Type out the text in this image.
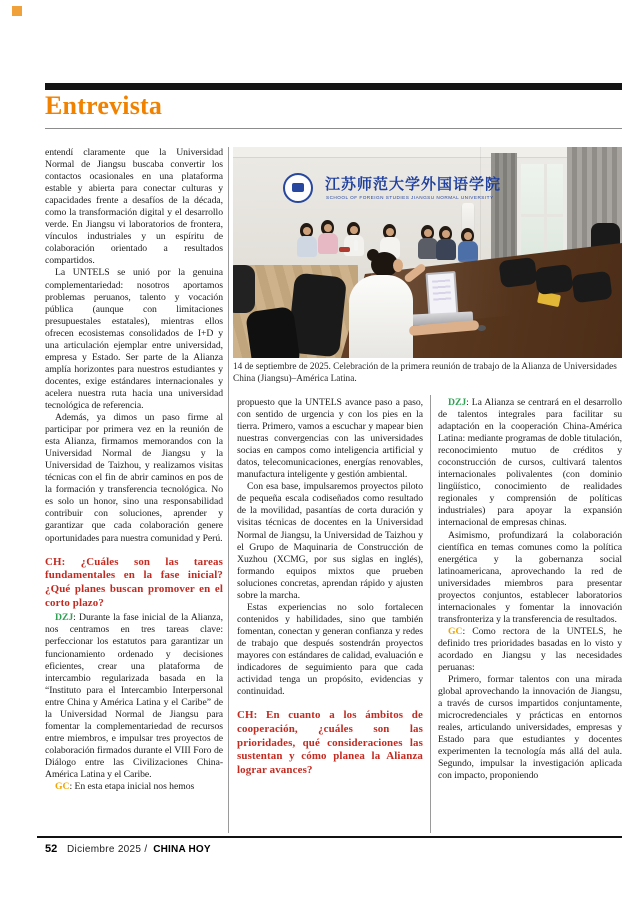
Entrevista

entendí claramente que la Universidad Normal de Jiangsu buscaba convertir los contactos ocasionales en una plataforma estable y abierta para conectar culturas y capacidades frente a desafíos de la década, como la transformación digital y el desarrollo verde. En Jiangsu vi laboratorios de frontera, vínculos industriales y un espíritu de colaboración orientado a resultados compartidos.

La UNTELS se unió por la genuina complementariedad: nosotros aportamos problemas peruanos, talento y vocación pública (aunque con limitaciones presupuestales estatales), mientras ellos ofrecen ecosistemas consolidados de I+D y una articulación ejemplar entre universidad, empresa y Estado. Ser parte de la Alianza amplía horizontes para nuestros estudiantes y docentes, exige estándares internacionales y acelera nuestra ruta hacia una universidad tecnológica de referencia.

Además, ya dimos un paso firme al participar por primera vez en la reunión de esta Alianza, firmamos memorandos con la Universidad Normal de Jiangsu y la Universidad de Taizhou, y realizamos visitas técnicas con el fin de abrir caminos en pos de la formación y transferencia tecnológica. No es solo un honor, sino una responsabilidad contribuir con soluciones, aprender y garantizar que cada colaboración genere oportunidades para nuestra comunidad y Perú.

CH: ¿Cuáles son las tareas fundamentales en la fase inicial? ¿Qué planes buscan promover en el corto plazo?

DZJ: Durante la fase inicial de la Alianza, nos centramos en tres tareas clave: perfeccionar los estatutos para garantizar un funcionamiento ordenado y decisiones eficientes, crear una plataforma de intercambio regularizada basada en la “Instituto para el Intercambio Interpersonal entre China y América Latina y el Caribe” de la Universidad Normal de Jiangsu para fomentar la complementariedad de recursos entre miembros, e impulsar tres proyectos de colaboración firmados durante el VIII Foro de Diálogo entre las Civilizaciones China-América Latina y el Caribe.

GC: En esta etapa inicial nos hemos

江苏师范大学外国语学院
SCHOOL OF FOREIGN STUDIES JIANGSU NORMAL UNIVERSITY

14 de septiembre de 2025. Celebración de la primera reunión de trabajo de la Alianza de Universidades China (Jiangsu)–América Latina.

propuesto que la UNTELS avance paso a paso, con sentido de urgencia y con los pies en la tierra. Primero, vamos a escuchar y mapear bien nuestras convergencias con las universidades socias en campos como inteligencia artificial y datos, telecomunicaciones, energías renovables, manufactura inteligente y gestión ambiental.

Con esa base, impulsaremos proyectos piloto de pequeña escala codiseñados como resultado de la movilidad, pasantías de corta duración y visitas técnicas de docentes en la Universidad Normal de Jiangsu, la Universidad de Taizhou y el Grupo de Maquinaria de Construcción de Xuzhou (XCMG, por sus siglas en inglés), formando equipos mixtos que prueben soluciones concretas, aprendan rápido y ajusten sobre la marcha.

Estas experiencias no solo fortalecen contenidos y habilidades, sino que también fomentan, conectan y generan confianza y redes de trabajo que después sostendrán proyectos mayores con estándares de calidad, evaluación e indicadores de seguimiento para que cada actividad tenga un propósito, evidencias y continuidad.

CH: En cuanto a los ámbitos de cooperación, ¿cuáles son las prioridades, qué consideraciones las sustentan y cómo planea la Alianza lograr avances?

DZJ: La Alianza se centrará en el desarrollo de talentos integrales para facilitar su adaptación en la cooperación China-América Latina: mediante programas de doble titulación, reconocimiento mutuo de créditos y coconstrucción de cursos, cultivará talentos internacionales polivalentes (con dominio lingüístico, conocimiento de realidades regionales y comprensión de políticas industriales) para apoyar la expansión internacional de empresas chinas.

Asimismo, profundizará la colaboración científica en temas comunes como la política energética y la gobernanza social latinoamericana, aprovechando la red de universidades miembros para presentar proyectos conjuntos, establecer laboratorios internacionales y fomentar la innovación transfronteriza y la transferencia de resultados.

GC: Como rectora de la UNTELS, he definido tres prioridades basadas en lo visto y acordado en Jiangsu y las necesidades peruanas:

Primero, formar talentos con una mirada global aprovechando la innovación de Jiangsu, a través de cursos impartidos conjuntamente, microcredenciales y prácticas en entornos reales, articulando universidades, empresas y Estado para que estudiantes y docentes experimenten la tecnología más allá del aula. Segundo, impulsar la investigación aplicada con impacto, proponiendo

52 Diciembre 2025 / CHINA HOY
